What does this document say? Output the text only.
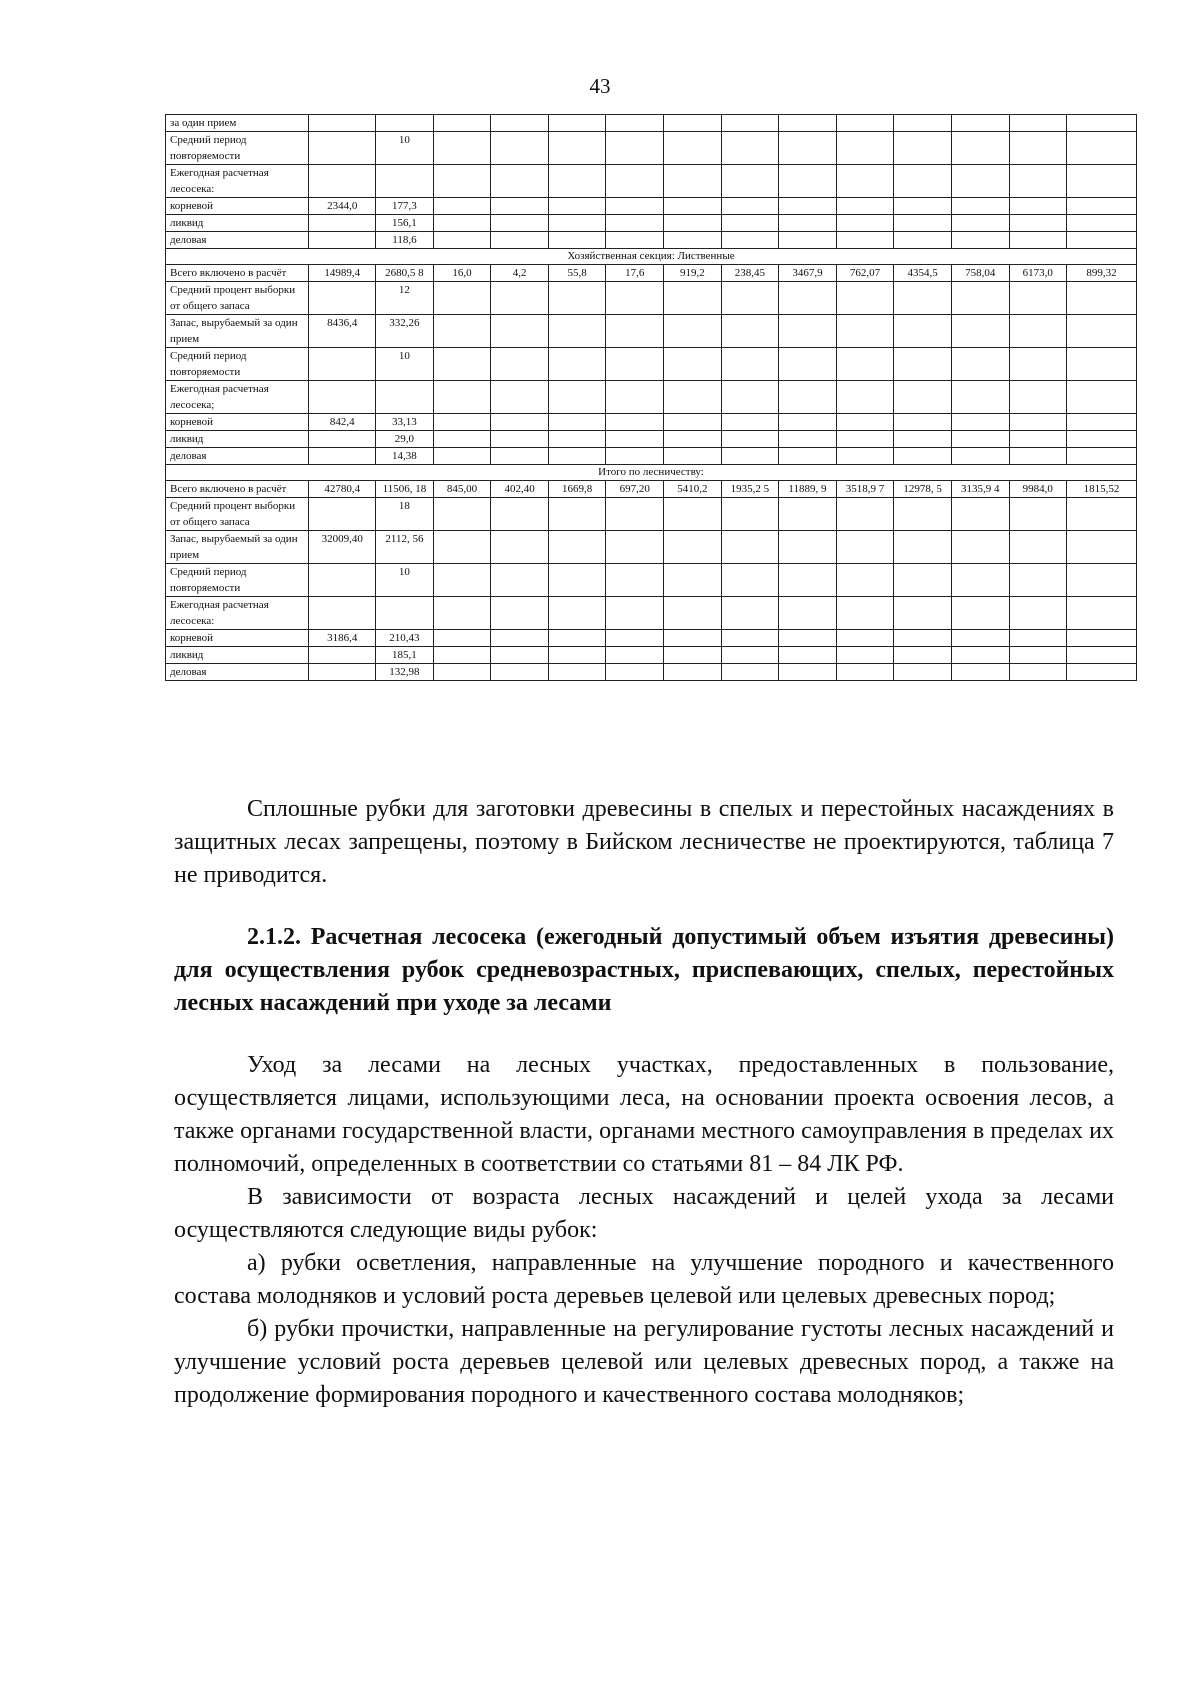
43
за один прием														
Средний период повторяемости		10												
Ежегодная расчетная лесосека:														
корневой	2344,0	177,3												
ликвид		156,1												
деловая		118,6												
Хозяйственная секция: Лиственные														
Всего включено в расчёт	14989,4	2680,5 8	16,0	4,2	55,8	17,6	919,2	238,45	3467,9	762,07	4354,5	758,04	6173,0	899,32
Средний процент выборки от общего запаса		12												
Запас, вырубаемый за один прием	8436,4	332,26												
Средний период повторяемости		10												
Ежегодная расчетная лесосека;														
корневой	842,4	33,13												
ликвид		29,0												
деловая		14,38												
Итого по лесничеству:														
Всего включено в расчёт	42780,4	11506, 18	845,00	402,40	1669,8	697,20	5410,2	1935,2 5	11889, 9	3518,9 7	12978, 5	3135,9 4	9984,0	1815,52
Средний процент выборки от общего запаса		18												
Запас, вырубаемый за один прием	32009,40	2112, 56												
Средний период повторяемости		10												
Ежегодная расчетная лесосека:														
корневой	3186,4	210,43												
ликвид		185,1												
деловая		132,98												

Сплошные рубки для заготовки древесины в спелых и перестойных насаждениях в защитных лесах запрещены, поэтому в Бийском лесничестве не проектируются, таблица 7 не приводится.

2.1.2. Расчетная лесосека (ежегодный допустимый объем изъятия древесины) для осуществления рубок средневозрастных, приспевающих, спелых, перестойных лесных насаждений при уходе за лесами

Уход за лесами на лесных участках, предоставленных в пользование, осуществляется лицами, использующими леса, на основании проекта освоения лесов, а также органами государственной власти, органами местного самоуправления в пределах их полномочий, определенных в соответствии со статьями 81 – 84 ЛК РФ.

В зависимости от возраста лесных насаждений и целей ухода за лесами осуществляются следующие виды рубок:

а) рубки осветления, направленные на улучшение породного и качественного состава молодняков и условий роста деревьев целевой или целевых древесных пород;

б) рубки прочистки, направленные на регулирование густоты лесных насаждений и улучшение условий роста деревьев целевой или целевых древесных пород, а также на продолжение формирования породного и качественного состава молодняков;
